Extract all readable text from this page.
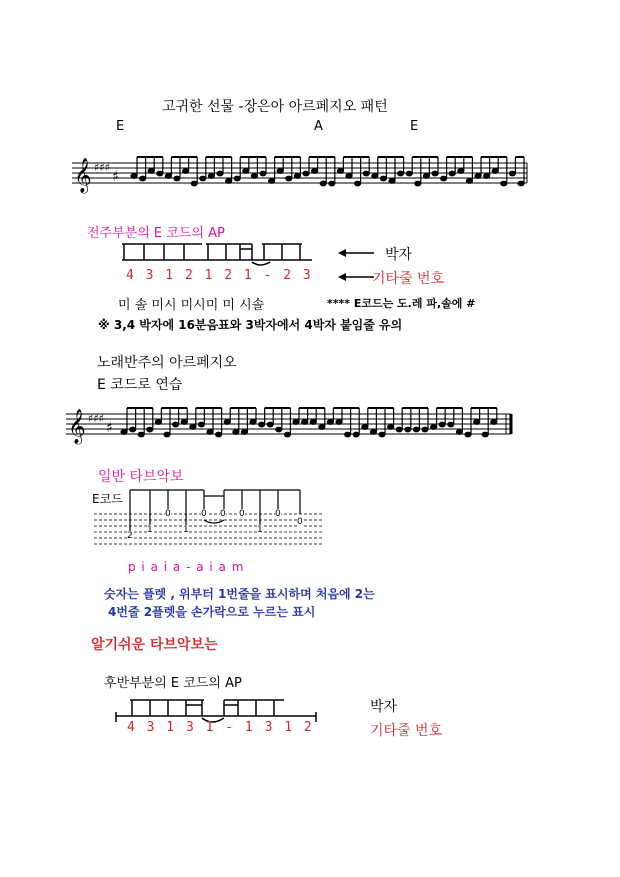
고귀한 선물 -장은아 아르페지오 패턴
E	A	E
𝄞 ♯♯♯
♯
전주부분의 E 코드의 AP
박자
4 3 1 2 1 2 1 - 2 3	기타줄 번호
미 솔 미시 미시미 미 시솔	**** E코드는 도.레 파,솔에 #
※ 3,4 박자에 16분음표와 3박자에서 4박자 붙임줄 유의
노래반주의 아르페지오
E 코드로 연습
𝄞 ♯♯♯
♯
일반 타브악보
E코드
2
1
0
1
0 0 0
1
0
0
p i a i a - a i a m
숫자는 플렛 , 위부터 1번줄을 표시하며 처음에 2는
4번줄 2플렛을 손가락으로 누르는 표시
알기쉬운 타브악보는
후반부분의 E 코드의 AP
박자
4 3 1 3 1 - 1 3 1 2	기타줄 번호
